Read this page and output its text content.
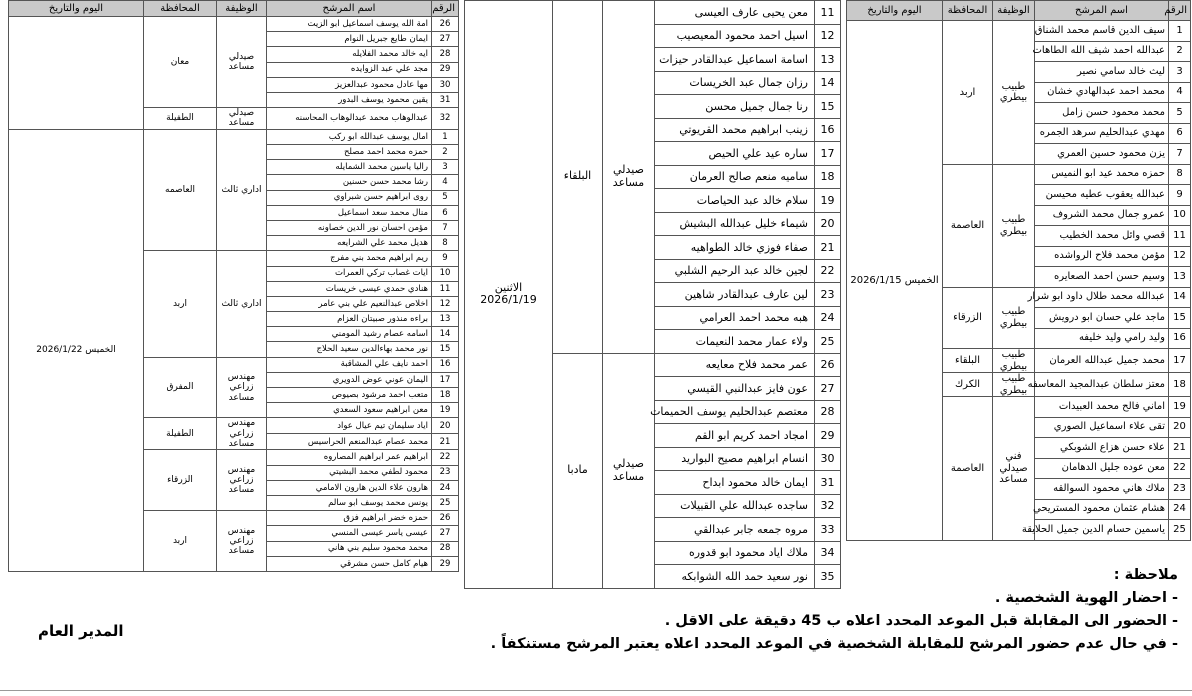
الرقم	اسم المرشح	الوظيفة	المحافظة	اليوم والتاريخ
1	سيف الدين قاسم محمد الشناق	طبيب بيطري	اربد	الخميس 2026/1/15
2	عبدالله احمد شيف الله الطاهات			
3	ليث خالد سامي نصير			
4	محمد احمد عبدالهادي خشان			
5	محمد محمود حسن زامل			
6	مهدي عبدالحليم سرهد الجمره			
7	يزن محمود حسين العمري			
8	حمزه محمد عيد ابو النميس	طبيب بيطري	العاصمة	
9	عبدالله يعقوب عطيه محيسن			
10	عمرو جمال محمد الشروف			
11	قصي وائل محمد الخطيب			
12	مؤمن محمد فلاح الرواشده			
13	وسيم حسن احمد الصعايره			
14	عبدالله محمد طلال داود ابو شرار	طبيب بيطري	الزرقاء	
15	ماجد علي حسان ابو درويش			
16	وليد رامي وليد خليفه			
17	محمد جميل عبدالله العرمان	طبيب بيطري	البلقاء	
18	معتز سلطان عبدالمجيد المعاسفه	طبيب بيطري	الكرك	
19	اماني فالح محمد العبيدات	فني صيدلي مساعد	العاصمة	
20	تقى علاء اسماعيل الصوري			
21	علاء حسن هزاع الشوبكي			
22	معن عوده جليل الدهامان			
23	ملاك هاني محمود السوالقه			
24	هشام عثمان محمود المستريحي			
25	ياسمين حسام الدين جميل الحلايقة			
11	معن يحيى عارف العيسى	صيدلي مساعد	البلقاء	الاثنين 2026/1/19
12	اسيل احمد محمود المعيصيب			
13	اسامة اسماعيل عبدالقادر حيزات			
14	رزان جمال عبد الخريسات			
15	رنا جمال جميل محسن			
16	زينب ابراهيم محمد القريوتي			
17	ساره عيد علي الحيص			
18	ساميه منعم صالح العرمان			
19	سلام خالد عبد الحياصات			
20	شيماء خليل عبدالله البشيش			
21	صفاء فوزي خالد الطواهيه			
22	لجين خالد عبد الرحيم الشلبي			
23	لين عارف عبدالقادر شاهين			
24	هبه محمد احمد العرامي			
25	ولاء عمار محمد النعيمات			
26	عمر محمد فلاح معايعه	صيدلي مساعد	مادبا	
27	عون فايز عبدالنبي القيسي			
28	معتصم عبدالحليم يوسف الحميمات			
29	امجاد احمد كريم ابو القم			
30	انسام ابراهيم مصيح البواريد			
31	ايمان خالد محمود ابداح			
32	ساجده عبدالله علي القبيلات			
33	مروه جمعه جابر عبدالقي			
34	ملاك اياد محمود ابو قدوره			
35	نور سعيد حمد الله الشوابكه			
26	امة الله يوسف اسماعيل ابو الزيت	صيدلي مساعد	معان	
27	ايمان طايع جبريل النوام			
28	ايه خالد محمد الفلايله			
29	مجد علي عبد الزوايده			
30	مها عادل محمود عبدالعزيز			
31	يقين محمود يوسف البدور			
32	عبدالوهاب محمد عبدالوهاب المحاسنه	صيدلي مساعد	الطفيلة	
الرقم	اسم المرشح	الوظيفة	المحافظة	اليوم والتاريخ
1	امال يوسف عبدالله ابو ركب	اداري ثالث	العاصمه	الخميس 2026/1/22
2	حمزه محمد احمد مصلح			
3	راليا ياسين محمد الشمايله			
4	رشا محمد حسن حسنين			
5	روى ابراهيم حسن شبراوي			
6	منال محمد سعد اسماعيل			
7	مؤمن احسان نور الدين خصاونه			
8	هديل محمد علي الشرايعه			
9	ريم ابراهيم محمد بني مفرج	اداري ثالث	اربد	
10	ايات غصاب تركي العمرات			
11	هنادي حمدي عيسى خريسات			
12	اخلاص عبدالنعيم علي بني عامر			
13	براءه منذور صبيتان العزام			
14	اسامه عصام رشيد المومني			
15	نور محمد بهاءالدين سعيد الحلاج			
16	احمد نايف علي المشاقبة	مهندس زراعي مساعد	المفرق	
17	اليمان عوني عوض الدويري			
18	متعب احمد مرشود بصيوص			
19	معن ابراهيم سعود السعدي			
20	اياد سليمان تيم عيال عواد	مهندس زراعي مساعد	الطفيلة	
21	محمد عصام عبدالمنعم الحراسيس			
22	ابراهيم عمر ابراهيم المصاروه	مهندس زراعي مساعد	الزرقاء	
23	محمود لطفي محمد البشيتي			
24	هارون علاء الدين هارون الامامي			
25	يونس محمد يوسف ابو سالم			
26	حمزه خضر ابراهيم فزق	مهندس زراعي مساعد	اربد	
27	عيسى ياسر عيسى المنسي			
28	محمد محمود سليم بني هاني			
29	هيام كامل حسن مشرقي			
ملاحظة :
- احضار الهوية الشخصية .
- الحضور الى المقابلة قبل الموعد المحدد اعلاه ب 45 دقيقة على الاقل .
- في حال عدم حضور المرشح للمقابلة الشخصية في الموعد المحدد اعلاه يعتبر المرشح مستنكفاً .
المدير العام
